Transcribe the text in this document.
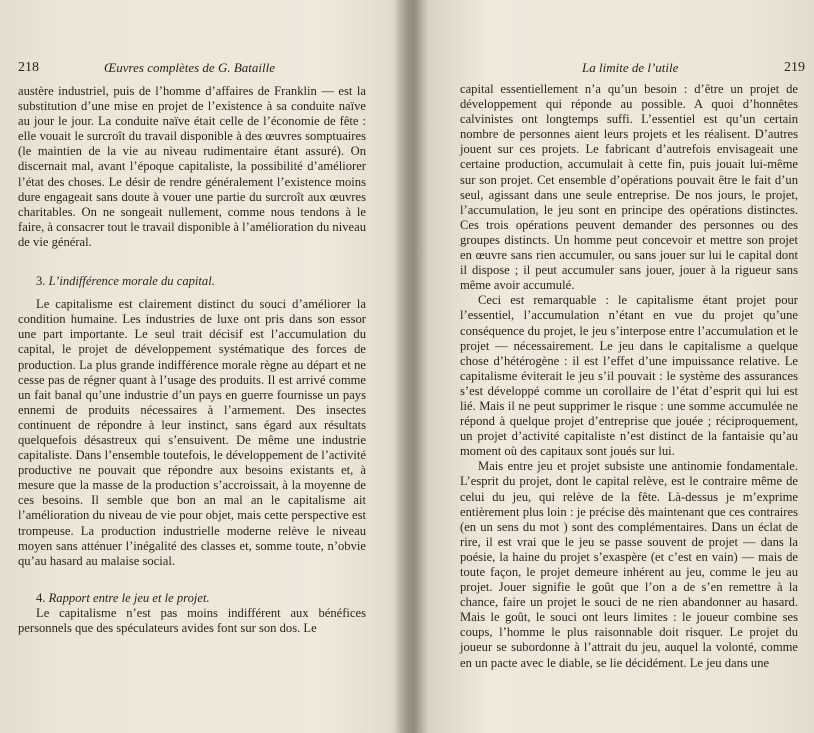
218	Œuvres complètes de G. Bataille

austère industriel, puis de l’homme d’affaires de Franklin — est la substitution d’une mise en projet de l’existence à sa conduite naïve au jour le jour. La conduite naïve était celle de l’économie de fête : elle vouait le surcroît du travail disponible à des œuvres somptuaires (le maintien de la vie au niveau rudimentaire étant assuré). On discernait mal, avant l’époque capitaliste, la possibilité d’améliorer l’état des choses. Le désir de rendre généralement l’existence moins dure engageait sans doute à vouer une partie du surcroît aux œuvres charitables. On ne songeait nullement, comme nous tendons à le faire, à consacrer tout le travail disponible à l’amélioration du niveau de vie général.

3. L’indifférence morale du capital.

Le capitalisme est clairement distinct du souci d’améliorer la condition humaine. Les industries de luxe ont pris dans son essor une part importante. Le seul trait décisif est l’accumulation du capital, le projet de développement systématique des forces de production. La plus grande indifférence morale règne au départ et ne cesse pas de régner quant à l’usage des produits. Il est arrivé comme un fait banal qu’une industrie d’un pays en guerre fournisse un pays ennemi de produits nécessaires à l’armement. Des insectes continuent de répondre à leur instinct, sans égard aux résultats quelquefois désastreux qui s’ensuivent. De même une industrie capitaliste. Dans l’ensemble toutefois, le développement de l’activité productive ne pouvait que répondre aux besoins existants et, à mesure que la masse de la production s’accroissait, à la moyenne de ces besoins. Il semble que bon an mal an le capitalisme ait l’amélioration du niveau de vie pour objet, mais cette perspective est trompeuse. La production industrielle moderne relève le niveau moyen sans atténuer l’inégalité des classes et, somme toute, n’obvie qu’au hasard au malaise social.

4. Rapport entre le jeu et le projet.

Le capitalisme n’est pas moins indifférent aux bénéfices personnels que des spéculateurs avides font sur son dos. Le

La limite de l’utile	219

capital essentiellement n’a qu’un besoin : d’être un projet de développement qui réponde au possible. A quoi d’honnêtes calvinistes ont longtemps suffi. L’essentiel est qu’un certain nombre de personnes aient leurs projets et les réalisent. D’autres jouent sur ces projets. Le fabricant d’autrefois envisageait une certaine production, accumulait à cette fin, puis jouait lui-même sur son projet. Cet ensemble d’opérations pouvait être le fait d’un seul, agissant dans une seule entreprise. De nos jours, le projet, l’accumulation, le jeu sont en principe des opérations distinctes. Ces trois opérations peuvent demander des personnes ou des groupes distincts. Un homme peut concevoir et mettre son projet en œuvre sans rien accumuler, ou sans jouer sur lui le capital dont il dispose ; il peut accumuler sans jouer, jouer à la rigueur sans même avoir accumulé.

Ceci est remarquable : le capitalisme étant projet pour l’essentiel, l’accumulation n’étant en vue du projet qu’une conséquence du projet, le jeu s’interpose entre l’accumulation et le projet — nécessairement. Le jeu dans le capitalisme a quelque chose d’hétérogène : il est l’effet d’une impuissance relative. Le capitalisme éviterait le jeu s’il pouvait : le système des assurances s’est développé comme un corollaire de l’état d’esprit qui lui est lié. Mais il ne peut supprimer le risque : une somme accumulée ne répond à quelque projet d’entreprise que jouée ; réciproquement, un projet d’activité capitaliste n’est distinct de la fantaisie qu’au moment où des capitaux sont joués sur lui.

Mais entre jeu et projet subsiste une antinomie fondamentale. L’esprit du projet, dont le capital relève, est le contraire même de celui du jeu, qui relève de la fête. Là-dessus je m’exprime entièrement plus loin : je précise dès maintenant que ces contraires (en un sens du mot ) sont des complémentaires. Dans un éclat de rire, il est vrai que le jeu se passe souvent de projet — dans la poésie, la haine du projet s’exaspère (et c’est en vain) — mais de toute façon, le projet demeure inhérent au jeu, comme le jeu au projet. Jouer signifie le goût que l’on a de s’en remettre à la chance, faire un projet le souci de ne rien abandonner au hasard. Mais le goût, le souci ont leurs limites : le joueur combine ses coups, l’homme le plus raisonnable doit risquer. Le projet du joueur se subordonne à l’attrait du jeu, auquel la volonté, comme en un pacte avec le diable, se lie décidément. Le jeu dans une
